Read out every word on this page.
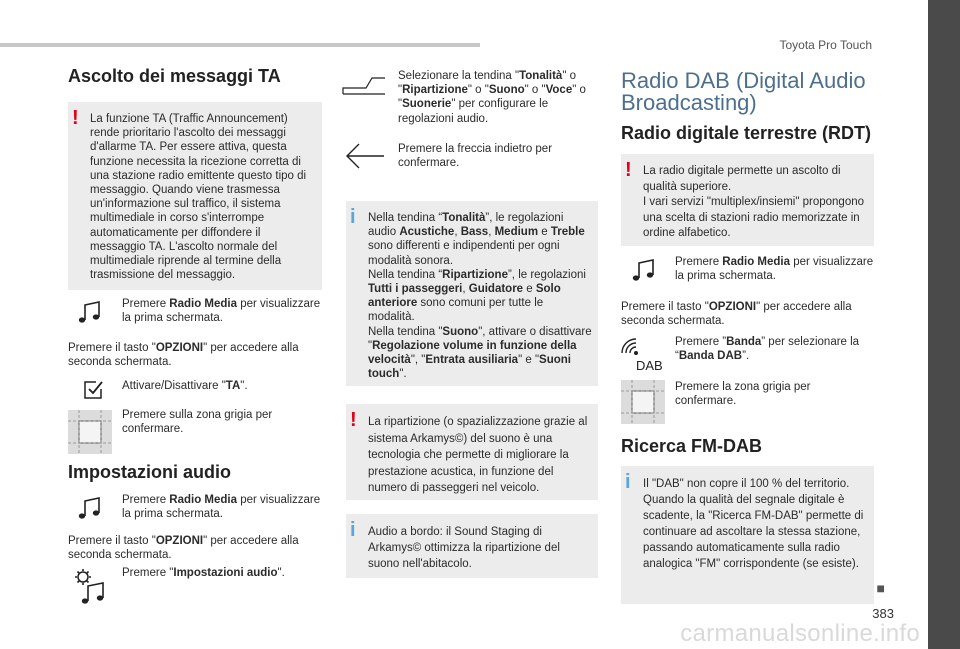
Toyota Pro Touch
■
383
carmanualsonline.info
Ascolto dei messaggi TA
! La funzione TA (Traffic Announcement) rende prioritario l'ascolto dei messaggi d'allarme TA. Per essere attiva, questa funzione necessita la ricezione corretta di una stazione radio emittente questo tipo di messaggio. Quando viene trasmessa un'informazione sul traffico, il sistema multimediale in corso s'interrompe automaticamente per diffondere il messaggio TA. L'ascolto normale del multimediale riprende al termine della trasmissione del messaggio.
Premere Radio Media per visualizzare la prima schermata.
Premere il tasto "OPZIONI" per accedere alla seconda schermata.
Attivare/Disattivare "TA".
Premere sulla zona grigia per confermare.
Impostazioni audio
Premere Radio Media per visualizzare la prima schermata.
Premere il tasto "OPZIONI" per accedere alla seconda schermata.
Premere "Impostazioni audio".
Selezionare la tendina "Tonalità" o "Ripartizione" o "Suono" o "Voce" o "Suonerie" per configurare le regolazioni audio.
Premere la freccia indietro per confermare.
i Nella tendina “Tonalità”, le regolazioni audio Acustiche, Bass, Medium e Treble sono differenti e indipendenti per ogni modalità sonora.
Nella tendina “Ripartizione”, le regolazioni Tutti i passeggeri, Guidatore e Solo anteriore sono comuni per tutte le modalità.
Nella tendina "Suono", attivare o disattivare "Regolazione volume in funzione della velocità", "Entrata ausiliaria" e "Suoni touch".
! La ripartizione (o spazializzazione grazie al sistema Arkamys©) del suono è una tecnologia che permette di migliorare la prestazione acustica, in funzione del numero di passeggeri nel veicolo.
i Audio a bordo: il Sound Staging di Arkamys© ottimizza la ripartizione del suono nell'abitacolo.
Radio DAB (Digital Audio Broadcasting)
Radio digitale terrestre (RDT)
! La radio digitale permette un ascolto di qualità superiore.
I vari servizi "multiplex/insiemi" propongono una scelta di stazioni radio memorizzate in ordine alfabetico.
Premere Radio Media per visualizzare la prima schermata.
Premere il tasto "OPZIONI" per accedere alla seconda schermata.
DAB
Premere ”Banda” per selezionare la “Banda DAB”.
Premere la zona grigia per confermare.
Ricerca FM-DAB
i Il "DAB" non copre il 100 % del territorio. Quando la qualità del segnale digitale è scadente, la "Ricerca FM-DAB" permette di continuare ad ascoltare la stessa stazione, passando automaticamente sulla radio analogica "FM" corrispondente (se esiste).
